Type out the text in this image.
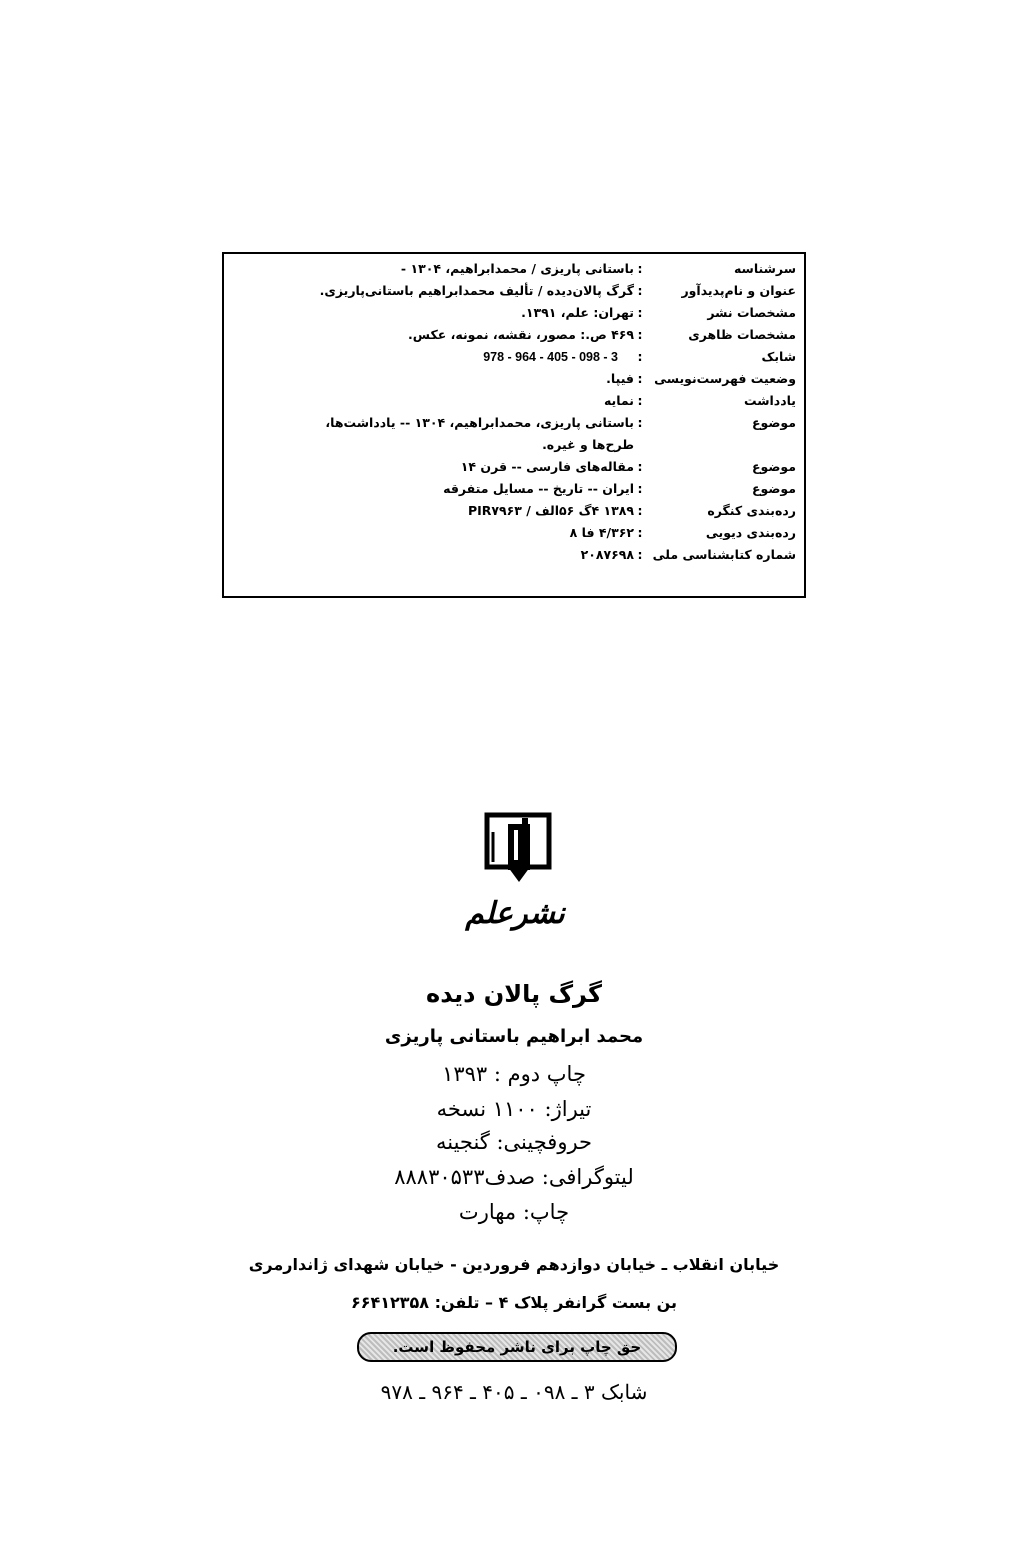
سرشناسه
:
باستانی پاریزی / محمدابراهیم، ۱۳۰۴ -
عنوان و نام‌پدیدآور
:
گرگ پالان‌دیده / تألیف محمدابراهیم باستانی‌پاریزی.
مشخصات نشر
:
تهران: علم، ۱۳۹۱.
مشخصات ظاهری
:
۴۶۹ ص.: مصور، نقشه، نمونه، عکس.
شابک
:
978 - 964 - 405 - 098 - 3
وضعیت فهرست‌نویسی
:
فیپا.
یادداشت
:
نمایه
موضوع
:
باستانی پاریزی، محمدابراهیم، ۱۳۰۴ -- یادداشت‌ها،
طرح‌ها و غیره.
موضوع
:
مقاله‌های فارسی -- قرن ۱۴
موضوع
:
ایران -- تاریخ -- مسایل متفرقه
رده‌بندی کنگره
:
۱۳۸۹ ۴گ ۵۶الف / PIR۷۹۶۳
رده‌بندی دیویی
:
۴/۳۶۲ فا ۸
شماره کتابشناسی ملی
:
۲۰۸۷۶۹۸
نشرعلم
گرگ پالان دیده
محمد ابراهیم باستانی پاریزی
چاپ دوم : ۱۳۹۳
تیراژ: ۱۱۰۰ نسخه
حروفچینی: گنجینه
لیتوگرافی: صدف۸۸۸۳۰۵۳۳
چاپ: مهارت
خیابان انقلاب ـ خیابان دوازدهم فروردین - خیابان شهدای ژاندارمری
بن بست گرانفر پلاک ۴ – تلفن: ۶۶۴۱۲۳۵۸
حق چاپ برای ناشر محفوظ است.
شابک ۳ ـ ۰۹۸ ـ ۴۰۵ ـ ۹۶۴ ـ ۹۷۸
